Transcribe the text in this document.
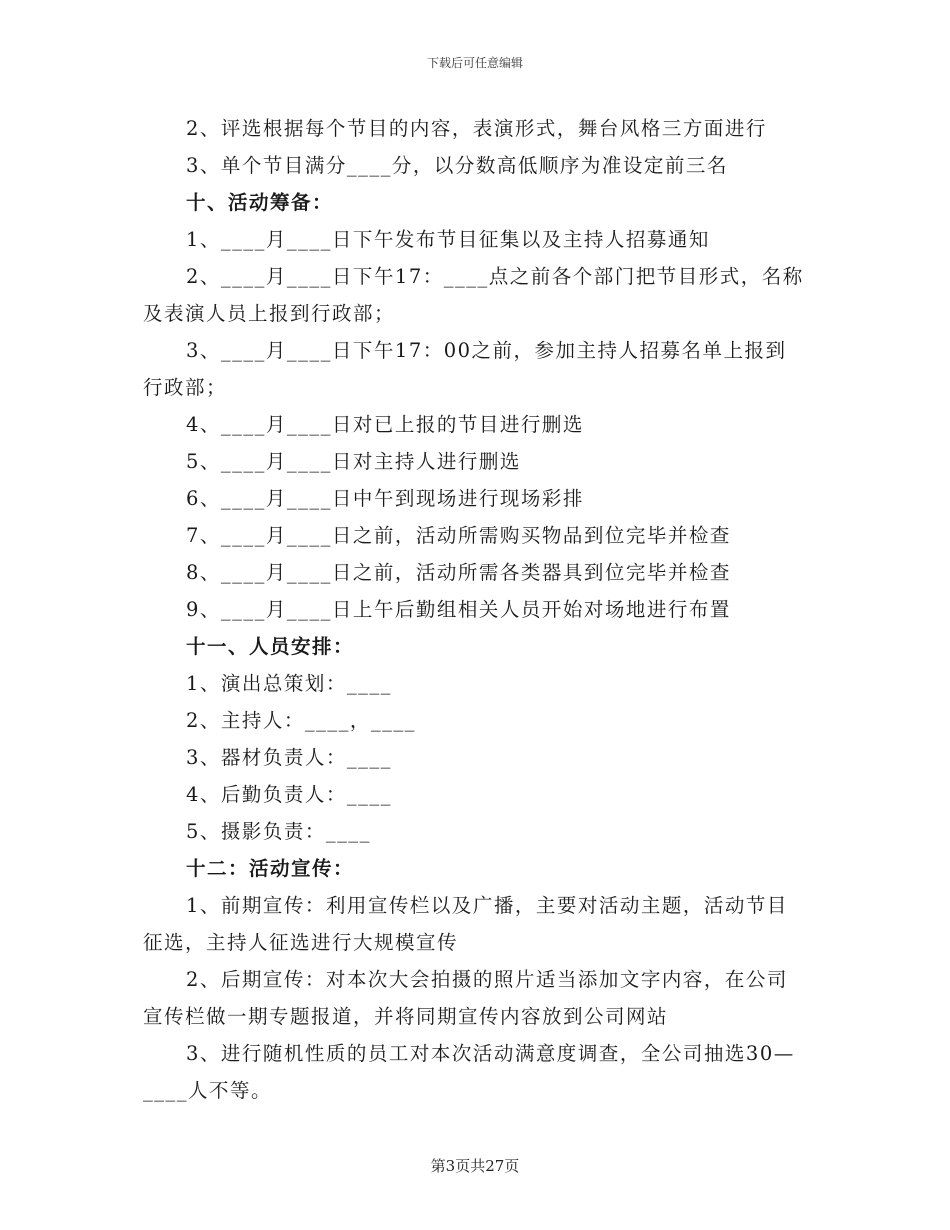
下载后可任意编辑

2、评选根据每个节目的内容，表演形式，舞台风格三方面进行

3、单个节目满分____分，以分数高低顺序为准设定前三名

十、活动筹备：

1、____月____日下午发布节目征集以及主持人招募通知

2、____月____日下午17：____点之前各个部门把节目形式，名称及表演人员上报到行政部；

3、____月____日下午17：00之前，参加主持人招募名单上报到行政部；

4、____月____日对已上报的节目进行删选

5、____月____日对主持人进行删选

6、____月____日中午到现场进行现场彩排

7、____月____日之前，活动所需购买物品到位完毕并检查

8、____月____日之前，活动所需各类器具到位完毕并检查

9、____月____日上午后勤组相关人员开始对场地进行布置

十一、人员安排：

1、演出总策划：____

2、主持人：____，____

3、器材负责人：____

4、后勤负责人：____

5、摄影负责：____

十二：活动宣传：

1、前期宣传：利用宣传栏以及广播，主要对活动主题，活动节目征选，主持人征选进行大规模宣传

2、后期宣传：对本次大会拍摄的照片适当添加文字内容，在公司宣传栏做一期专题报道，并将同期宣传内容放到公司网站

3、进行随机性质的员工对本次活动满意度调查，全公司抽选30—____人不等。

第3页共27页
